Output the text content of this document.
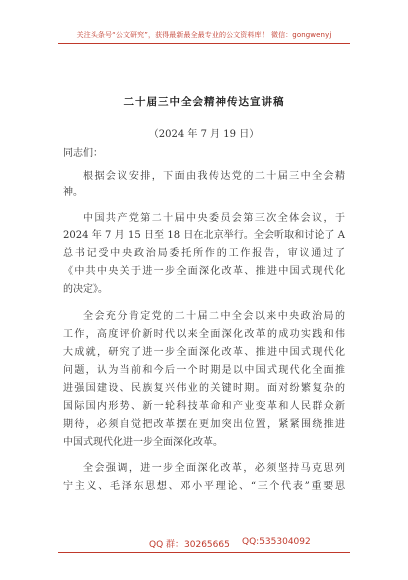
关注头条号“公文研究”，获得最新最全最专业的公文资料库！ 微信：gongwenyj
二十届三中全会精神传达宣讲稿
（2024 年 7 月 19 日）
同志们：
根据会议安排，下面由我传达党的二十届三中全会精
神。
中国共产党第二十届中央委员会第三次全体会议，于
2024 年 7 月 15 日至 18 日在北京举行。全会听取和讨论了 A
总书记受中央政治局委托所作的工作报告，审议通过了
《中共中央关于进一步全面深化改革、推进中国式现代化
的决定》。
全会充分肯定党的二十届二中全会以来中央政治局的
工作，高度评价新时代以来全面深化改革的成功实践和伟
大成就，研究了进一步全面深化改革、推进中国式现代化
问题，认为当前和今后一个时期是以中国式现代化全面推
进强国建设、民族复兴伟业的关键时期。面对纷繁复杂的
国际国内形势、新一轮科技革命和产业变革和人民群众新
期待，必须自觉把改革摆在更加突出位置，紧紧围绕推进
中国式现代化进一步全面深化改革。
全会强调，进一步全面深化改革，必须坚持马克思列
宁主义、毛泽东思想、邓小平理论、“三个代表”重要思
QQ 群：30265665 QQ:535304092
